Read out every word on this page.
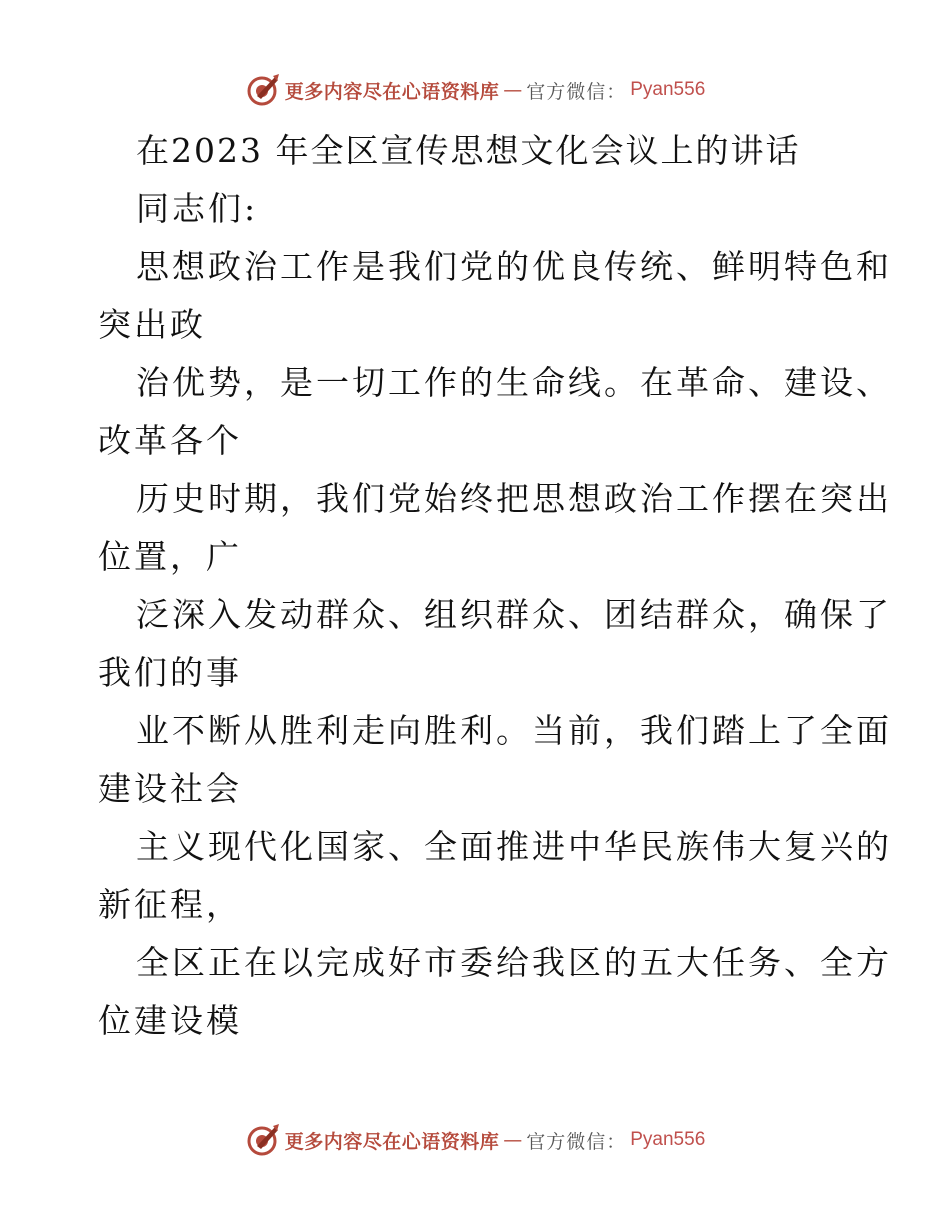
更多内容尽在心语资料库 — 官方微信： Pyan556
在2023 年全区宣传思想文化会议上的讲话
同志们:
思想政治工作是我们党的优良传统、鲜明特色和
突出政
治优势，是一切工作的生命线。在革命、建设、
改革各个
历史时期，我们党始终把思想政治工作摆在突出
位置，广
泛深入发动群众、组织群众、团结群众，确保了
我们的事
业不断从胜利走向胜利。当前，我们踏上了全面
建设社会
主义现代化国家、全面推进中华民族伟大复兴的
新征程，
全区正在以完成好市委给我区的五大任务、全方
位建设模
更多内容尽在心语资料库 — 官方微信： Pyan556
